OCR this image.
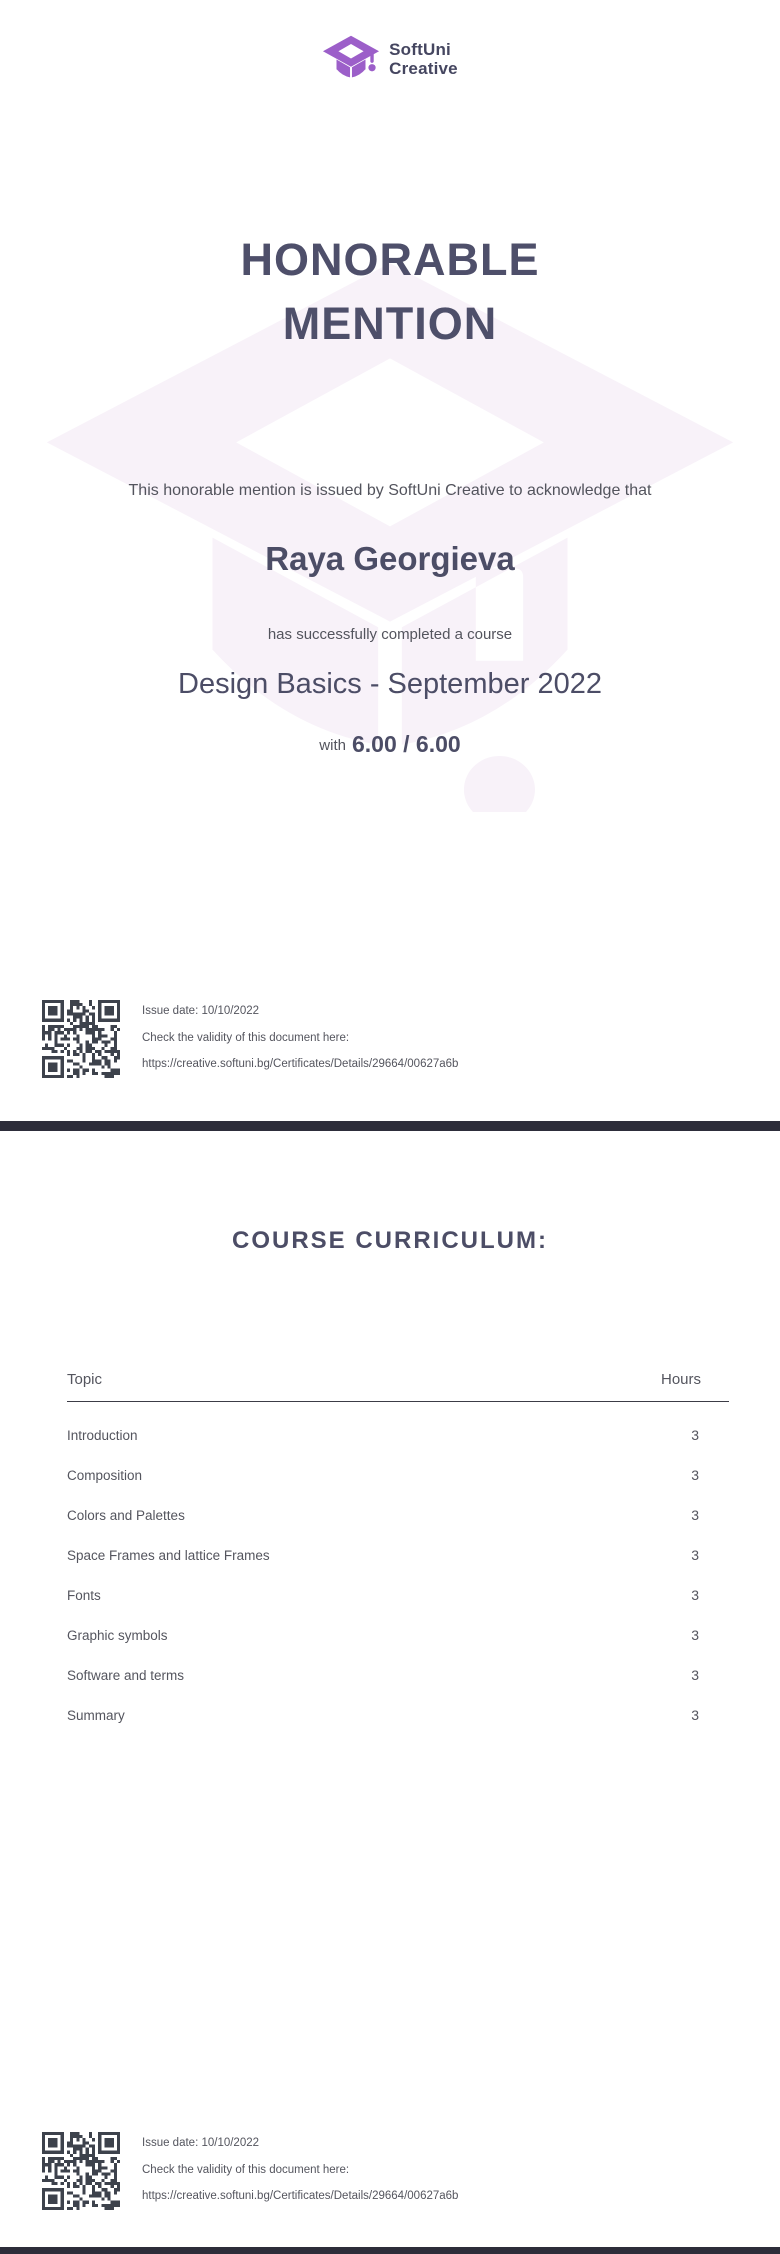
SoftUni
Creative
HONORABLE
MENTION

This honorable mention is issued by SoftUni Creative to acknowledge that

Raya Georgieva

has successfully completed a course

Design Basics - September 2022

with 6.00 / 6.00

Issue date: 10/10/2022

Check the validity of this document here:

https://creative.softuni.bg/Certificates/Details/29664/00627a6b

COURSE CURRICULUM:
Topic	Hours
Introduction	3
Composition	3
Colors and Palettes	3
Space Frames and lattice Frames	3
Fonts	3
Graphic symbols	3
Software and terms	3
Summary	3

Issue date: 10/10/2022

Check the validity of this document here:

https://creative.softuni.bg/Certificates/Details/29664/00627a6b
